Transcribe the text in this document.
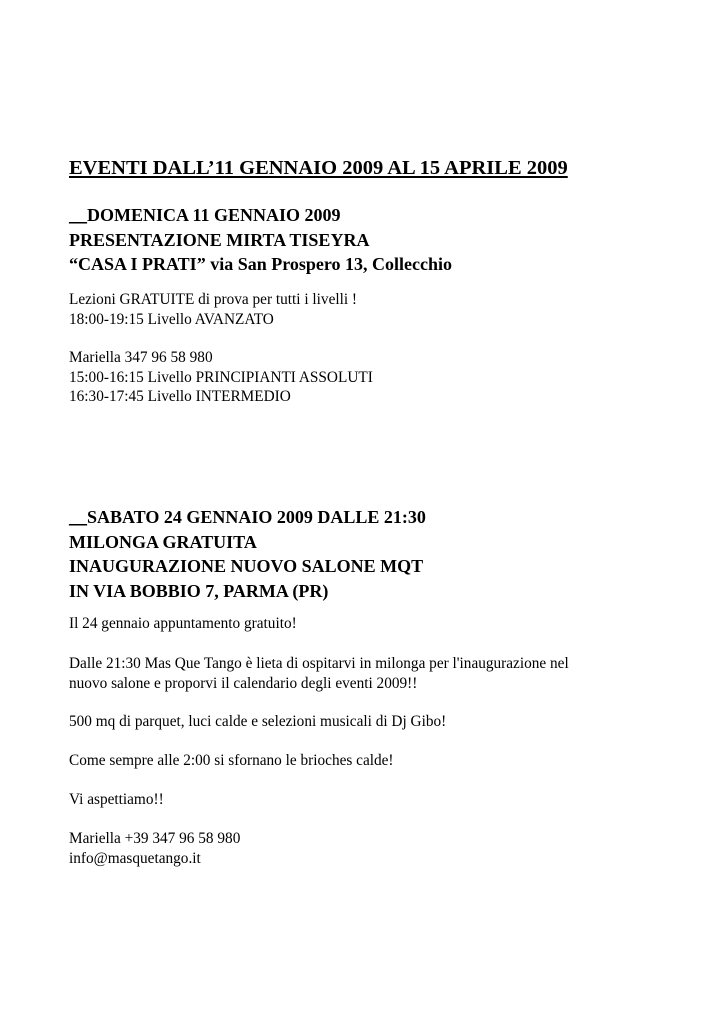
EVENTI DALL’11 GENNAIO 2009 AL 15 APRILE 2009
__DOMENICA 11 GENNAIO 2009
PRESENTAZIONE MIRTA TISEYRA
“CASA I PRATI” via San Prospero 13, Collecchio
Lezioni GRATUITE di prova per tutti i livelli !
18:00-19:15 Livello AVANZATO
Mariella 347 96 58 980
15:00-16:15 Livello PRINCIPIANTI ASSOLUTI
16:30-17:45 Livello INTERMEDIO
__SABATO 24 GENNAIO 2009 DALLE 21:30
MILONGA GRATUITA
INAUGURAZIONE NUOVO SALONE MQT
IN VIA BOBBIO 7, PARMA (PR)
Il 24 gennaio appuntamento gratuito!
Dalle 21:30 Mas Que Tango è lieta di ospitarvi in milonga per l'inaugurazione nel
nuovo salone e proporvi il calendario degli eventi 2009!!
500 mq di parquet, luci calde e selezioni musicali di Dj Gibo!
Come sempre alle 2:00 si sfornano le brioches calde!
Vi aspettiamo!!
Mariella +39 347 96 58 980
info@masquetango.it
